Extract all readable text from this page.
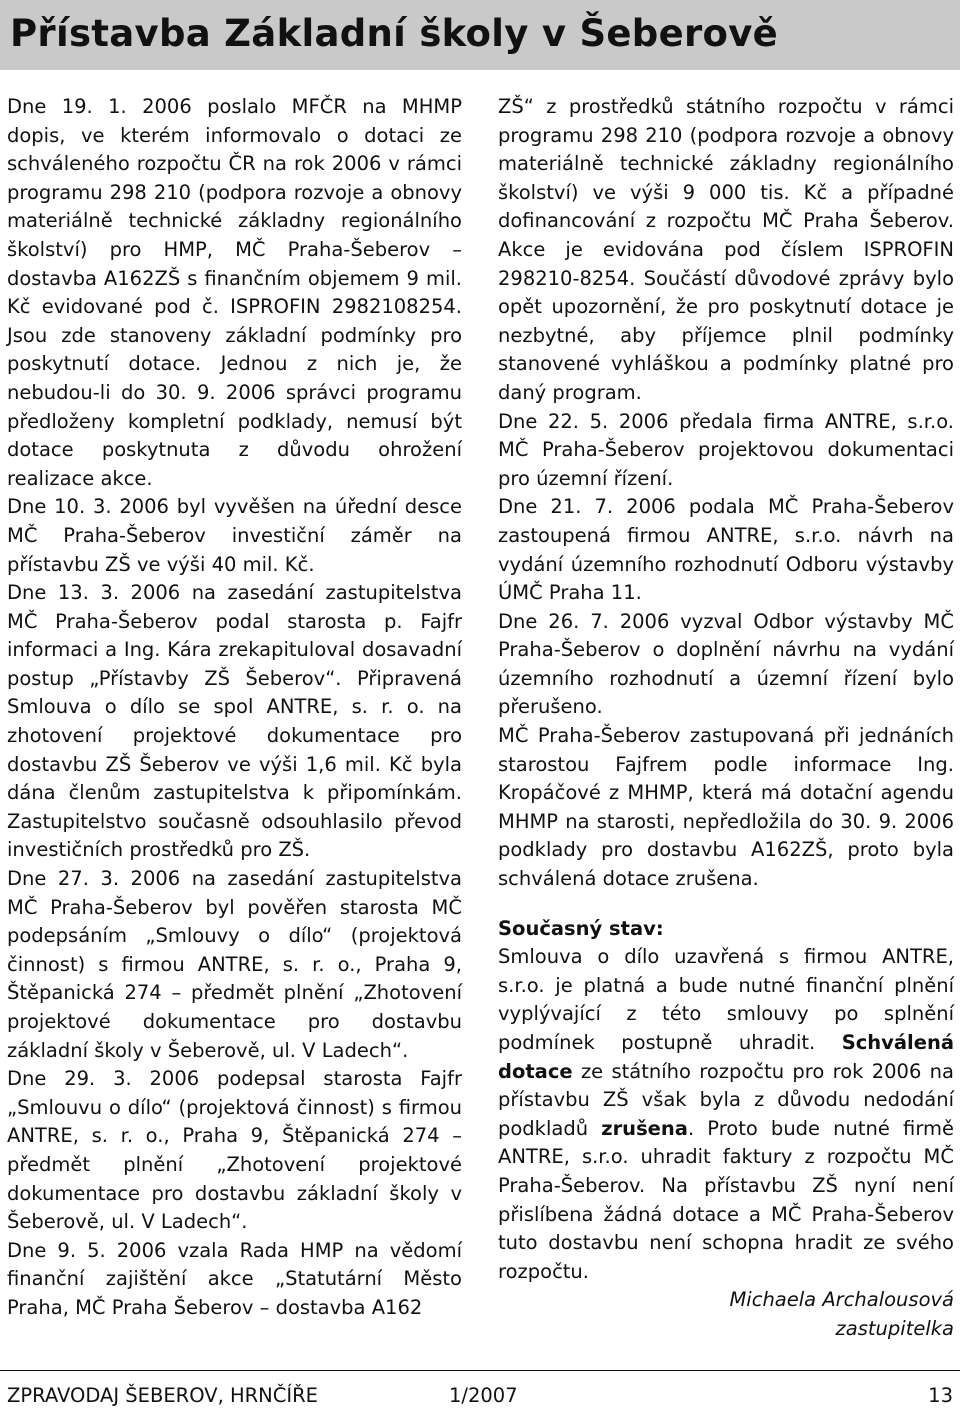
Přístavba Základní školy v Šeberově

Dne 19. 1. 2006 poslalo MFČR na MHMP dopis, ve kterém informovalo o dotaci ze schváleného rozpočtu ČR na rok 2006 v rámci programu 298 210 (podpora rozvoje a obnovy materiálně technické základny regionálního školství) pro HMP, MČ Praha-Šeberov – dostavba A162ZŠ s finančním objemem 9 mil. Kč evidované pod č. ISPROFIN 2982108254. Jsou zde stanoveny základní podmínky pro poskytnutí dotace. Jednou z nich je, že nebudou-li do 30. 9. 2006 správci programu předloženy kompletní podklady, nemusí být dotace poskytnuta z důvodu ohrožení realizace akce.

Dne 10. 3. 2006 byl vyvěšen na úřední desce MČ Praha-Šeberov investiční záměr na přístavbu ZŠ ve výši 40 mil. Kč.

Dne 13. 3. 2006 na zasedání zastupitelstva MČ Praha-Šeberov podal starosta p. Fajfr informaci a Ing. Kára zrekapituloval dosavadní postup „Přístavby ZŠ Šeberov“. Připravená Smlouva o dílo se spol ANTRE, s. r. o. na zhotovení projektové dokumentace pro dostavbu ZŠ Šeberov ve výši 1,6 mil. Kč byla dána členům zastupitelstva k připomínkám. Zastupitelstvo současně odsouhlasilo převod investičních prostředků pro ZŠ.

Dne 27. 3. 2006 na zasedání zastupitelstva MČ Praha-Šeberov byl pověřen starosta MČ podepsáním „Smlouvy o dílo“ (projektová činnost) s firmou ANTRE, s. r. o., Praha 9, Štěpanická 274 – předmět plnění „Zhotovení projektové dokumentace pro dostavbu základní školy v Šeberově, ul. V Ladech“.

Dne 29. 3. 2006 podepsal starosta Fajfr „Smlouvu o dílo“ (projektová činnost) s firmou ANTRE, s. r. o., Praha 9, Štěpanická 274 – předmět plnění „Zhotovení projektové dokumentace pro dostavbu základní školy v Šeberově, ul. V Ladech“.

Dne 9. 5. 2006 vzala Rada HMP na vědomí finanční zajištění akce „Statutární Město Praha, MČ Praha Šeberov – dostavba A162

ZŠ“ z prostředků státního rozpočtu v rámci programu 298 210 (podpora rozvoje a obnovy materiálně technické základny regionálního školství) ve výši 9 000 tis. Kč a případné dofinancování z rozpočtu MČ Praha Šeberov. Akce je evidována pod číslem ISPROFIN 298210-8254. Součástí důvodové zprávy bylo opět upozornění, že pro poskytnutí dotace je nezbytné, aby příjemce plnil podmínky stanovené vyhláškou a podmínky platné pro daný program.

Dne 22. 5. 2006 předala firma ANTRE, s.r.o. MČ Praha-Šeberov projektovou dokumentaci pro územní řízení.

Dne 21. 7. 2006 podala MČ Praha-Šeberov zastoupená firmou ANTRE, s.r.o. návrh na vydání územního rozhodnutí Odboru výstavby ÚMČ Praha 11.

Dne 26. 7. 2006 vyzval Odbor výstavby MČ Praha-Šeberov o doplnění návrhu na vydání územního rozhodnutí a územní řízení bylo přerušeno.

MČ Praha-Šeberov zastupovaná při jednáních starostou Fajfrem podle informace Ing. Kropáčové z MHMP, která má dotační agendu MHMP na starosti, nepředložila do 30. 9. 2006 podklady pro dostavbu A162ZŠ, proto byla schválená dotace zrušena.

Současný stav:

Smlouva o dílo uzavřená s firmou ANTRE, s.r.o. je platná a bude nutné finanční plnění vyplývající z této smlouvy po splnění podmínek postupně uhradit. Schválená dotace ze státního rozpočtu pro rok 2006 na přístavbu ZŠ však byla z důvodu nedodání podkladů zrušena. Proto bude nutné firmě ANTRE, s.r.o. uhradit faktury z rozpočtu MČ Praha-Šeberov. Na přístavbu ZŠ nyní není přislíbena žádná dotace a MČ Praha-Šeberov tuto dostavbu není schopna hradit ze svého rozpočtu.

Michaela Archalousová

zastupitelka

ZPRAVODAJ ŠEBEROV, HRNČÍŘE	1/2007	13
